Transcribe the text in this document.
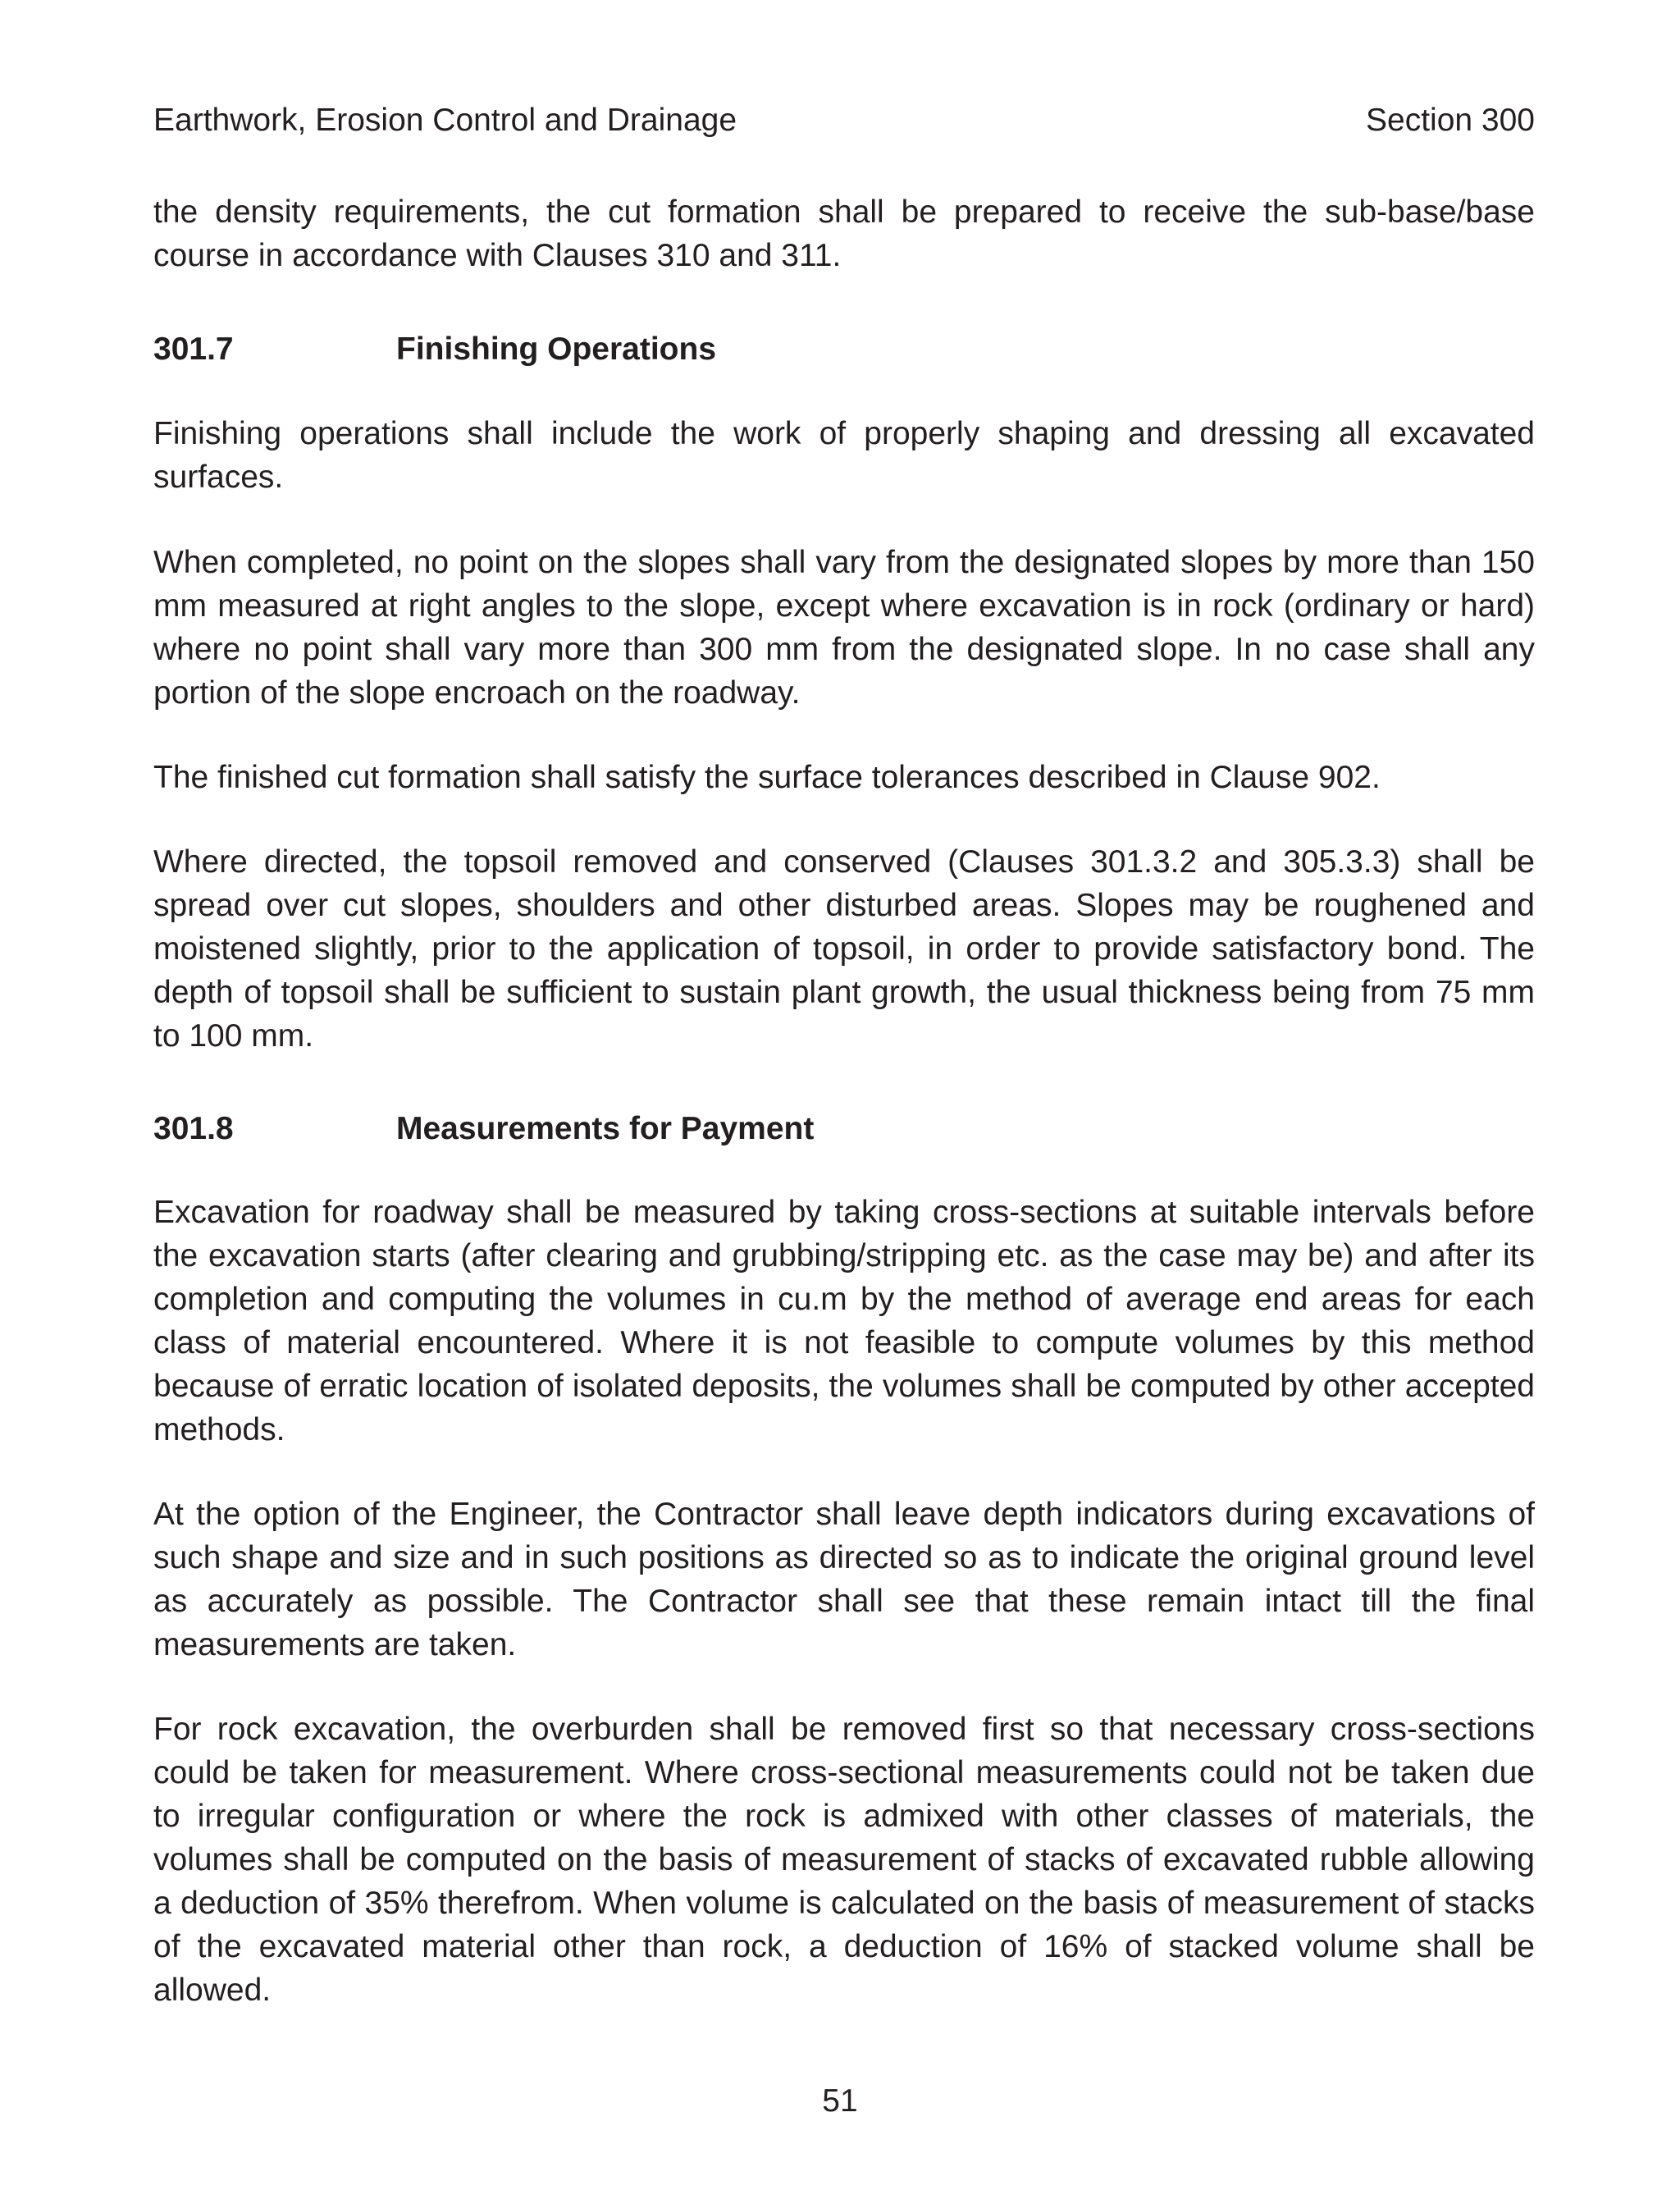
Earthwork, Erosion Control and Drainage	Section 300

the density requirements, the cut formation shall be prepared to receive the sub-base/base course in accordance with Clauses 310 and 311.

301.7	Finishing Operations

Finishing operations shall include the work of properly shaping and dressing all excavated surfaces.

When completed, no point on the slopes shall vary from the designated slopes by more than 150 mm measured at right angles to the slope, except where excavation is in rock (ordinary or hard) where no point shall vary more than 300 mm from the designated slope. In no case shall any portion of the slope encroach on the roadway.

The finished cut formation shall satisfy the surface tolerances described in Clause 902.

Where directed, the topsoil removed and conserved (Clauses 301.3.2 and 305.3.3) shall be spread over cut slopes, shoulders and other disturbed areas. Slopes may be roughened and moistened slightly, prior to the application of topsoil, in order to provide satisfactory bond. The depth of topsoil shall be sufficient to sustain plant growth, the usual thickness being from 75 mm to 100 mm.

301.8	Measurements for Payment

Excavation for roadway shall be measured by taking cross-sections at suitable intervals before the excavation starts (after clearing and grubbing/stripping etc. as the case may be) and after its completion and computing the volumes in cu.m by the method of average end areas for each class of material encountered. Where it is not feasible to compute volumes by this method because of erratic location of isolated deposits, the volumes shall be computed by other accepted methods.

At the option of the Engineer, the Contractor shall leave depth indicators during excavations of such shape and size and in such positions as directed so as to indicate the original ground level as accurately as possible. The Contractor shall see that these remain intact till the final measurements are taken.

For rock excavation, the overburden shall be removed first so that necessary cross-sections could be taken for measurement. Where cross-sectional measurements could not be taken due to irregular configuration or where the rock is admixed with other classes of materials, the volumes shall be computed on the basis of measurement of stacks of excavated rubble allowing a deduction of 35% therefrom. When volume is calculated on the basis of measurement of stacks of the excavated material other than rock, a deduction of 16% of stacked volume shall be allowed.

51
